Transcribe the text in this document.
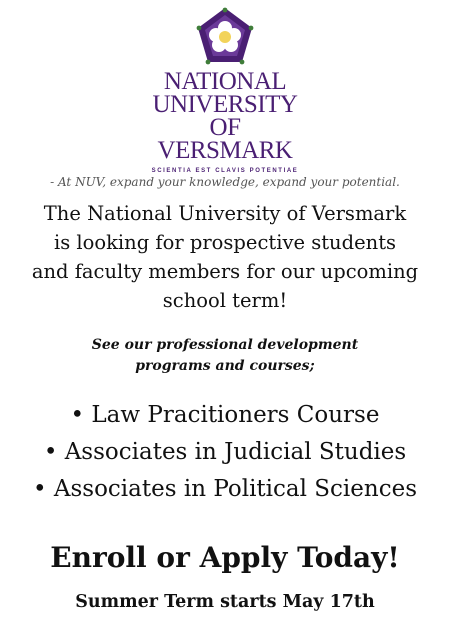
NATIONAL
UNIVERSITY
OF
VERSMARK
SCIENTIA EST CLAVIS POTENTIAE
- At NUV, expand your knowledge, expand your potential.
The National University of Versmark
is looking for prospective students
and faculty members for our upcoming
school term!
See our professional development
programs and courses;
• Law Pracitioners Course
• Associates in Judicial Studies
• Associates in Political Sciences
Enroll or Apply Today!
Summer Term starts May 17th
